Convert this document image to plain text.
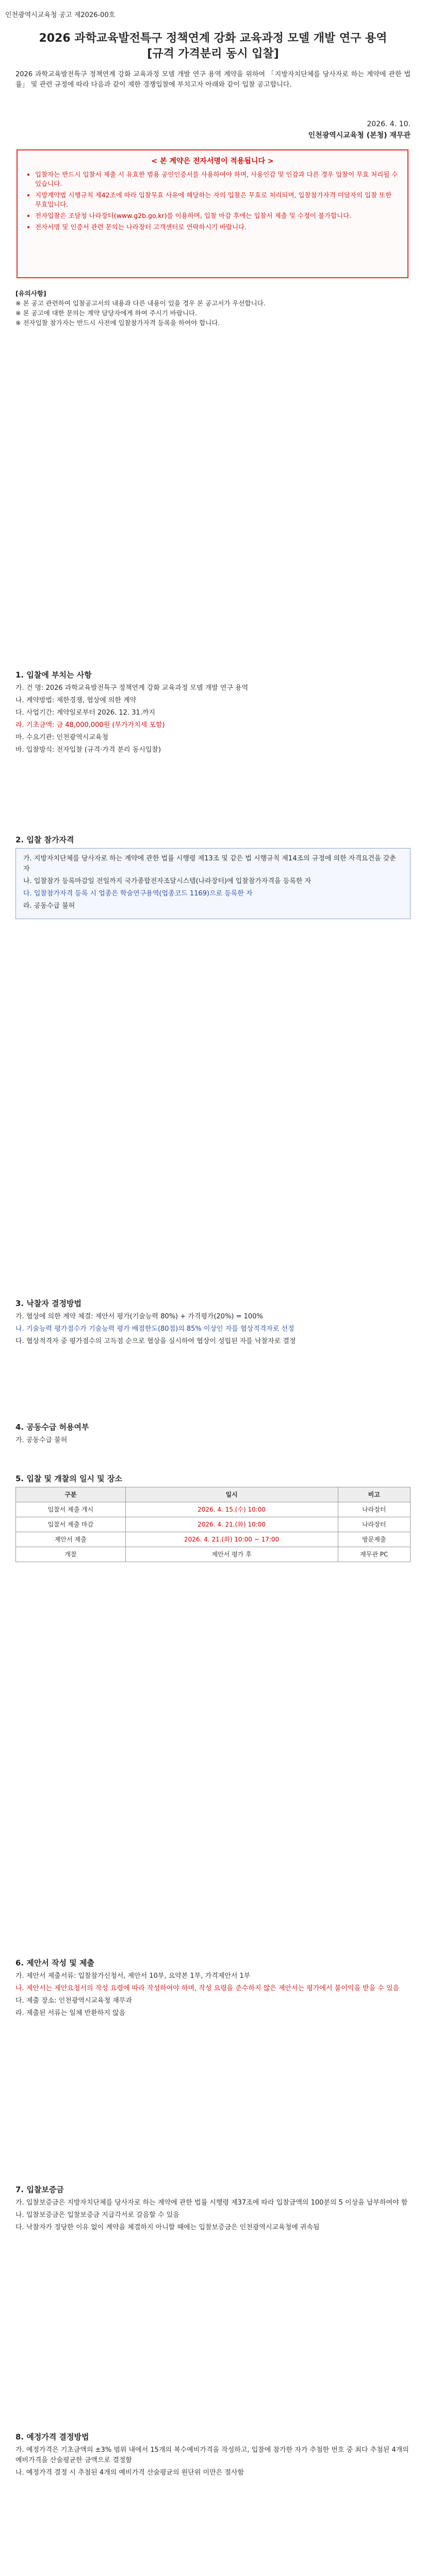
인천광역시교육청 공고 제2026-00호
2026 과학교육발전특구 정책연계 강화 교육과정 모델 개발 연구 용역
[규격 가격분리 동시 입찰]
2026 과학교육발전특구 정책연계 강화 교육과정 모델 개발 연구 용역 계약을 위하여 「지방자치단체를 당사자로 하는 계약에 관한 법률」 및 관련 규정에 따라 다음과 같이 제한 경쟁입찰에 부치고자 아래와 같이 입찰 공고합니다.
2026. 4. 10.
인천광역시교육청 (본청) 재무관
< 본 계약은 전자서명이 적용됩니다 >
• 입찰자는 반드시 입찰서 제출 시 유효한 범용 공인인증서를 사용하여야 하며, 사용인감 및 인감과 다른 경우 입찰이 무효 처리될 수 있습니다.
• 지방계약법 시행규칙 제42조에 따라 입찰무효 사유에 해당하는 자의 입찰은 무효로 처리되며, 입찰참가자격 미달자의 입찰 또한 무효입니다.
• 전자입찰은 조달청 나라장터(www.g2b.go.kr)를 이용하며, 입찰 마감 후에는 입찰서 제출 및 수정이 불가합니다.
• 전자서명 및 인증서 관련 문의는 나라장터 고객센터로 연락하시기 바랍니다.
[유의사항]
※ 본 공고 관련하여 입찰공고서의 내용과 다른 내용이 있을 경우 본 공고서가 우선합니다.
※ 본 공고에 대한 문의는 계약 담당자에게 하여 주시기 바랍니다.
※ 전자입찰 참가자는 반드시 사전에 입찰참가자격 등록을 하여야 합니다.
1. 입찰에 부치는 사항

가. 건 명: 2026 과학교육발전특구 정책연계 강화 교육과정 모델 개발 연구 용역

나. 계약방법: 제한경쟁, 협상에 의한 계약

다. 사업기간: 계약일로부터 2026. 12. 31.까지

라. 기초금액: 금 48,000,000원 (부가가치세 포함)

마. 수요기관: 인천광역시교육청

바. 입찰방식: 전자입찰 (규격·가격 분리 동시입찰)

2. 입찰 참가자격

가. 지방자치단체를 당사자로 하는 계약에 관한 법률 시행령 제13조 및 같은 법 시행규칙 제14조의 규정에 의한 자격요건을 갖춘 자

나. 입찰참가 등록마감일 전일까지 국가종합전자조달시스템(나라장터)에 입찰참가자격을 등록한 자

다. 입찰참가자격 등록 시 업종은 학술연구용역(업종코드 1169)으로 등록한 자

라. 공동수급 불허

3. 낙찰자 결정방법

가. 협상에 의한 계약 체결: 제안서 평가(기술능력 80%) + 가격평가(20%) = 100%

나. 기술능력 평가점수가 기술능력 평가 배점한도(80점)의 85% 이상인 자를 협상적격자로 선정

다. 협상적격자 중 평가점수의 고득점 순으로 협상을 실시하여 협상이 성립된 자를 낙찰자로 결정

4. 공동수급 허용여부

가. 공동수급 불허

5. 입찰 및 개찰의 일시 및 장소
구분	일시	비고
입찰서 제출 개시	2026. 4. 15.(수) 10:00	나라장터
입찰서 제출 마감	2026. 4. 21.(화) 10:00	나라장터
제안서 제출	2026. 4. 21.(화) 10:00 ~ 17:00	방문제출
개찰	제안서 평가 후	재무관 PC
6. 제안서 작성 및 제출

가. 제안서 제출서류: 입찰참가신청서, 제안서 10부, 요약본 1부, 가격제안서 1부

나. 제안서는 제안요청서의 작성 요령에 따라 작성하여야 하며, 작성 요령을 준수하지 않은 제안서는 평가에서 불이익을 받을 수 있음

다. 제출 장소: 인천광역시교육청 재무과

라. 제출된 서류는 일체 반환하지 않음

7. 입찰보증금

가. 입찰보증금은 지방자치단체를 당사자로 하는 계약에 관한 법률 시행령 제37조에 따라 입찰금액의 100분의 5 이상을 납부하여야 함

나. 입찰보증금은 입찰보증금 지급각서로 갈음할 수 있음

다. 낙찰자가 정당한 이유 없이 계약을 체결하지 아니할 때에는 입찰보증금은 인천광역시교육청에 귀속됨

8. 예정가격 결정방법

가. 예정가격은 기초금액의 ±3% 범위 내에서 15개의 복수예비가격을 작성하고, 입찰에 참가한 자가 추첨한 번호 중 최다 추첨된 4개의 예비가격을 산술평균한 금액으로 결정함

나. 예정가격 결정 시 추첨된 4개의 예비가격 산술평균의 원단위 미만은 절사함
